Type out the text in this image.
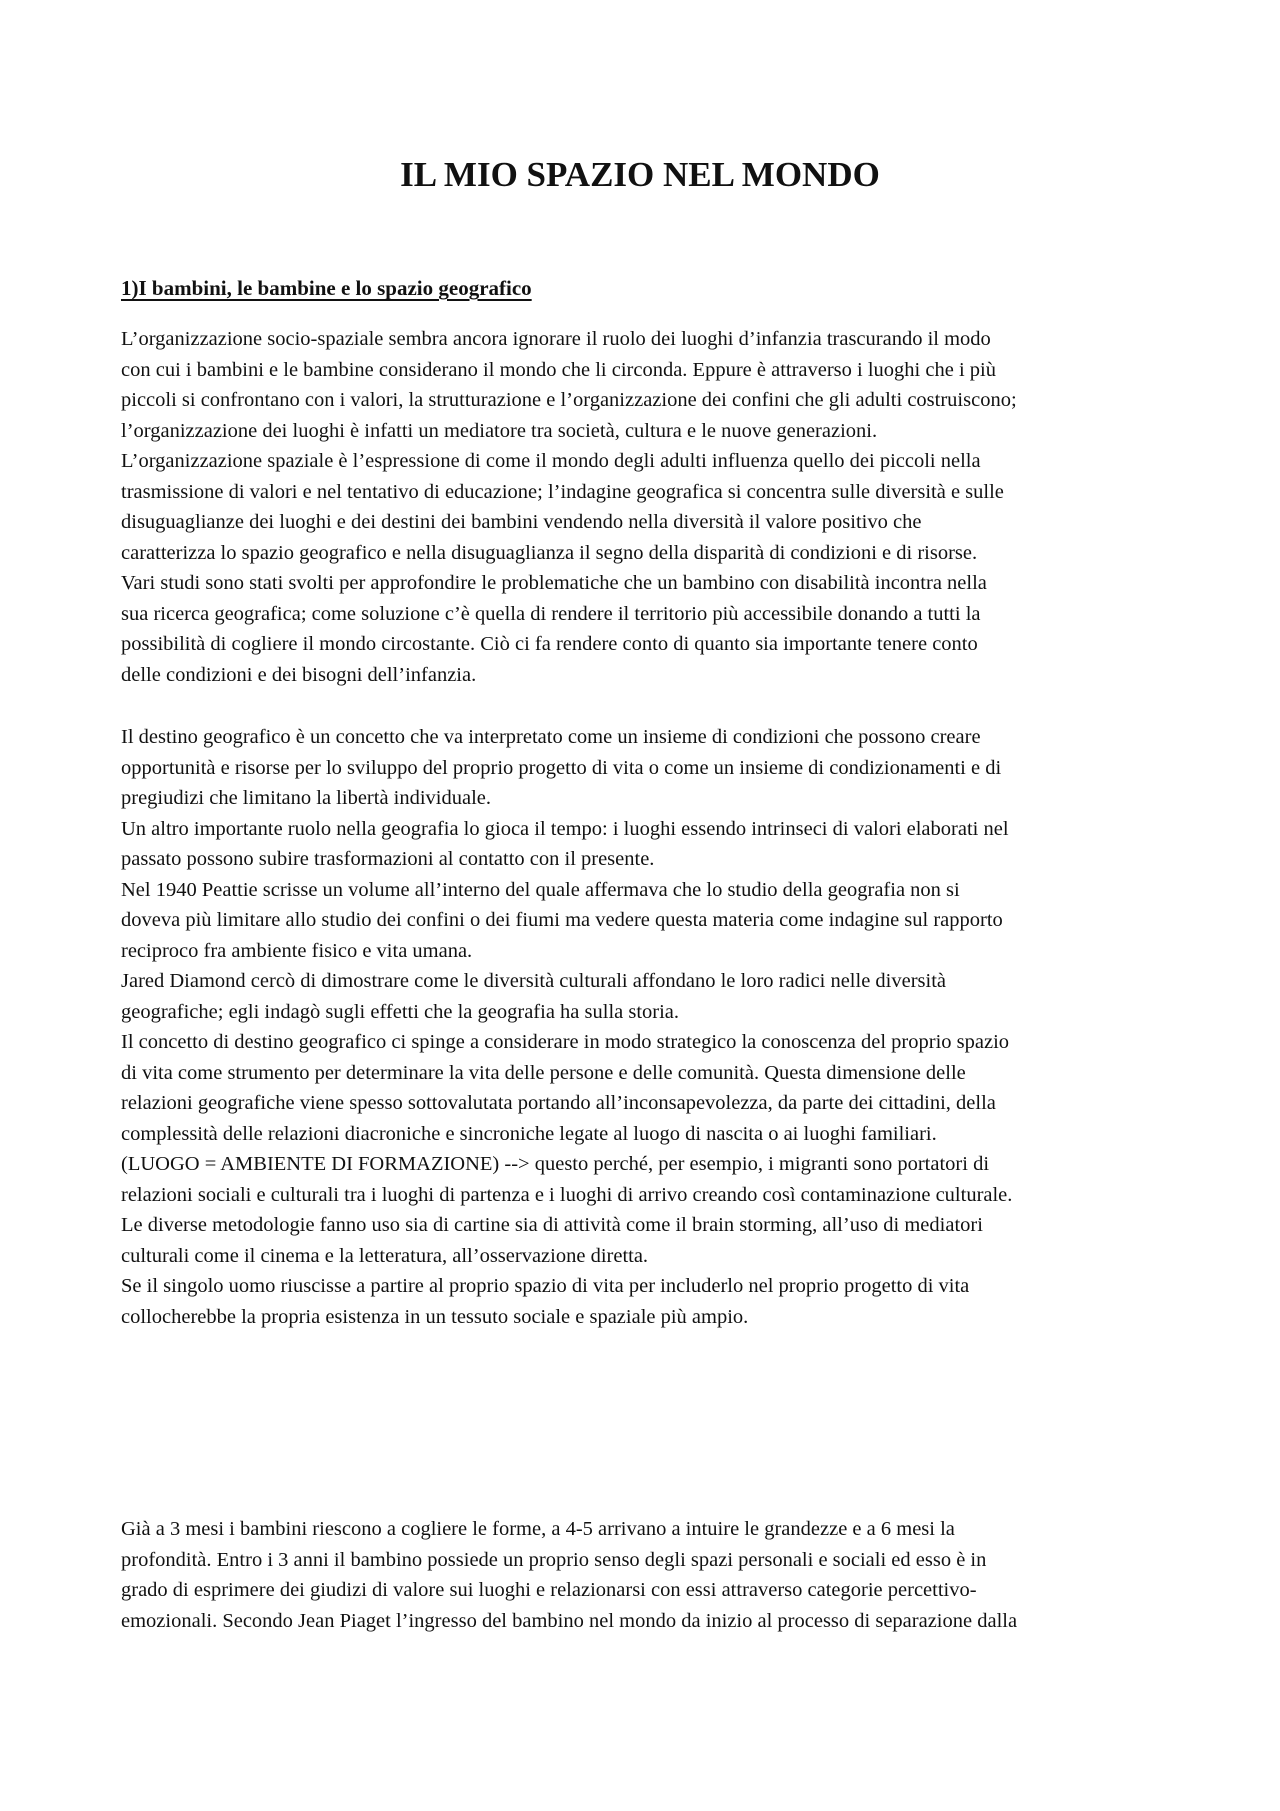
IL MIO SPAZIO NEL MONDO
1)I bambini, le bambine e lo spazio geografico
L’organizzazione socio-spaziale sembra ancora ignorare il ruolo dei luoghi d’infanzia trascurando il modo
con cui i bambini e le bambine considerano il mondo che li circonda. Eppure è attraverso i luoghi che i più
piccoli si confrontano con i valori, la strutturazione e l’organizzazione dei confini che gli adulti costruiscono;
l’organizzazione dei luoghi è infatti un mediatore tra società, cultura e le nuove generazioni.
L’organizzazione spaziale è l’espressione di come il mondo degli adulti influenza quello dei piccoli nella
trasmissione di valori e nel tentativo di educazione; l’indagine geografica si concentra sulle diversità e sulle
disuguaglianze dei luoghi e dei destini dei bambini vendendo nella diversità il valore positivo che
caratterizza lo spazio geografico e nella disuguaglianza il segno della disparità di condizioni e di risorse.
Vari studi sono stati svolti per approfondire le problematiche che un bambino con disabilità incontra nella
sua ricerca geografica; come soluzione c’è quella di rendere il territorio più accessibile donando a tutti la
possibilità di cogliere il mondo circostante. Ciò ci fa rendere conto di quanto sia importante tenere conto
delle condizioni e dei bisogni dell’infanzia.
Il destino geografico è un concetto che va interpretato come un insieme di condizioni che possono creare
opportunità e risorse per lo sviluppo del proprio progetto di vita o come un insieme di condizionamenti e di
pregiudizi che limitano la libertà individuale.
Un altro importante ruolo nella geografia lo gioca il tempo: i luoghi essendo intrinseci di valori elaborati nel
passato possono subire trasformazioni al contatto con il presente.
Nel 1940 Peattie scrisse un volume all’interno del quale affermava che lo studio della geografia non si
doveva più limitare allo studio dei confini o dei fiumi ma vedere questa materia come indagine sul rapporto
reciproco fra ambiente fisico e vita umana.
Jared Diamond cercò di dimostrare come le diversità culturali affondano le loro radici nelle diversità
geografiche; egli indagò sugli effetti che la geografia ha sulla storia.
Il concetto di destino geografico ci spinge a considerare in modo strategico la conoscenza del proprio spazio
di vita come strumento per determinare la vita delle persone e delle comunità. Questa dimensione delle
relazioni geografiche viene spesso sottovalutata portando all’inconsapevolezza, da parte dei cittadini, della
complessità delle relazioni diacroniche e sincroniche legate al luogo di nascita o ai luoghi familiari.
(LUOGO = AMBIENTE DI FORMAZIONE) --> questo perché, per esempio, i migranti sono portatori di
relazioni sociali e culturali tra i luoghi di partenza e i luoghi di arrivo creando così contaminazione culturale.
Le diverse metodologie fanno uso sia di cartine sia di attività come il brain storming, all’uso di mediatori
culturali come il cinema e la letteratura, all’osservazione diretta.
Se il singolo uomo riuscisse a partire al proprio spazio di vita per includerlo nel proprio progetto di vita
collocherebbe la propria esistenza in un tessuto sociale e spaziale più ampio.
Già a 3 mesi i bambini riescono a cogliere le forme, a 4-5 arrivano a intuire le grandezze e a 6 mesi la
profondità. Entro i 3 anni il bambino possiede un proprio senso degli spazi personali e sociali ed esso è in
grado di esprimere dei giudizi di valore sui luoghi e relazionarsi con essi attraverso categorie percettivo-
emozionali. Secondo Jean Piaget l’ingresso del bambino nel mondo da inizio al processo di separazione dalla
